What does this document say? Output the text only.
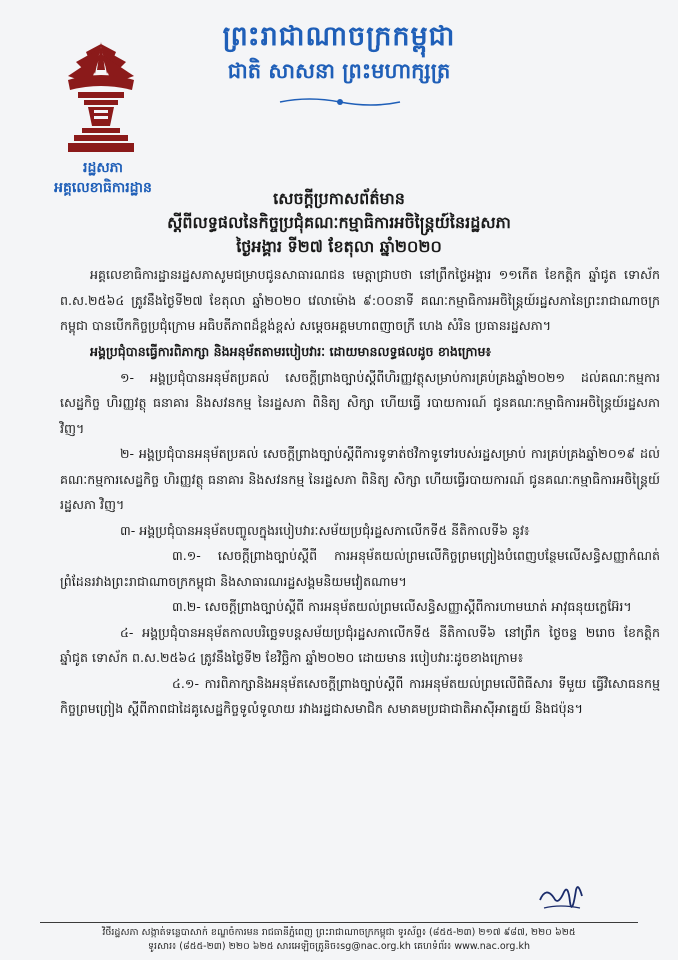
ព្រះរាជាណាចក្រកម្ពុជា
ជាតិ សាសនា ព្រះមហាក្សត្រ
រដ្ឋសភា
អគ្គលេខាធិការដ្ឋាន
សេចក្តីប្រកាសព័ត៌មាន
ស្តីពីលទ្ធផលនៃកិច្ចប្រជុំគណៈកម្មាធិការអចិន្ត្រៃយ៍នៃរដ្ឋសភា
ថ្ងៃអង្គារ ទី២៧ ខែតុលា ឆ្នាំ២០២០

អគ្គលេខាធិការដ្ឋានរដ្ឋសភាសូមជម្រាបជូនសាធារណជន មេត្តាជ្រាបថា នៅព្រឹកថ្ងៃអង្គារ ១១កើត ខែកត្តិក ឆ្នាំជូត ទោស័ក ព.ស.២៥៦៤ ត្រូវនឹងថ្ងៃទី២៧ ខែតុលា ឆ្នាំ២០២០ វេលាម៉ោង ៩:០០នាទី គណៈកម្មាធិការអចិន្ត្រៃយ៍រដ្ឋសភានៃព្រះរាជាណាចក្រកម្ពុជា បានបើកកិច្ចប្រជុំក្រោម អធិបតីភាពដ៏ខ្ពង់ខ្ពស់ សម្តេចអគ្គមហាពញាចក្រី ហេង សំរិន ប្រធានរដ្ឋសភា។

អង្គប្រជុំបានធ្វើការពិភាក្សា និងអនុម័តតាមរបៀបវារៈ ដោយមានលទ្ធផលដូច ខាងក្រោម៖

១- អង្គប្រជុំបានអនុម័តប្រគល់ សេចក្តីព្រាងច្បាប់ស្តីពីហិរញ្ញវត្ថុសម្រាប់ការគ្រប់គ្រងឆ្នាំ២០២១ ដល់គណៈកម្មការសេដ្ឋកិច្ច ហិរញ្ញវត្ថុ ធនាគារ និងសវនកម្ម នៃរដ្ឋសភា ពិនិត្យ សិក្សា ហើយធ្វើ របាយការណ៍ ជូនគណៈកម្មាធិការអចិន្ត្រៃយ៍រដ្ឋសភា វិញ។

២- អង្គប្រជុំបានអនុម័តប្រគល់ សេចក្តីព្រាងច្បាប់ស្តីពីការទូទាត់ថវិកាទូទៅរបស់រដ្ឋសម្រាប់ ការគ្រប់គ្រងឆ្នាំ២០១៩ ដល់គណៈកម្មការសេដ្ឋកិច្ច ហិរញ្ញវត្ថុ ធនាគារ និងសវនកម្ម នៃរដ្ឋសភា ពិនិត្យ សិក្សា ហើយធ្វើរបាយការណ៍ ជូនគណៈកម្មាធិការអចិន្ត្រៃយ៍រដ្ឋសភា វិញ។

៣- អង្គប្រជុំបានអនុម័តបញ្ចូលក្នុងរបៀបវារៈសម័យប្រជុំរដ្ឋសភាលើកទី៥ នីតិកាលទី៦ នូវ៖

៣.១- សេចក្តីព្រាងច្បាប់ស្តីពី ការអនុម័តយល់ព្រមលើកិច្ចព្រមព្រៀងបំពេញបន្ថែមលើសន្ធិសញ្ញាកំណត់ព្រំដែនរវាងព្រះរាជាណាចក្រកម្ពុជា និងសាធារណរដ្ឋសង្គមនិយមវៀតណាម។

៣.២- សេចក្តីព្រាងច្បាប់ស្តីពី ការអនុម័តយល់ព្រមលើសន្ធិសញ្ញាស្តីពីការហាមឃាត់ អាវុធនុយក្លេអ៊ែរ។

៤- អង្គប្រជុំបានអនុម័តកាលបរិច្ឆេទបន្តសម័យប្រជុំរដ្ឋសភាលើកទី៥ នីតិកាលទី៦ នៅព្រឹក ថ្ងៃចន្ទ ២រោច ខែកត្តិក ឆ្នាំជូត ទោស័ក ព.ស.២៥៦៤ ត្រូវនឹងថ្ងៃទី២ ខែវិច្ឆិកា ឆ្នាំ២០២០ ដោយមាន របៀបវារៈដូចខាងក្រោម៖

៤.១- ការពិភាក្សានិងអនុម័តសេចក្តីព្រាងច្បាប់ស្តីពី ការអនុម័តយល់ព្រមលើពិធីសារ ទីមួយ ធ្វើវិសោធនកម្មកិច្ចព្រមព្រៀង ស្តីពីភាពជាដៃគូសេដ្ឋកិច្ចទូលំទូលាយ រវាងរដ្ឋជាសមាជិក សមាគមប្រជាជាតិអាស៊ីអាគ្នេយ៍ និងជប៉ុន។

វិថីរដ្ឋសភា សង្កាត់ទន្លេបាសាក់ ខណ្ឌចំការមន រាជធានីភ្នំពេញ ព្រះរាជាណាចក្រកម្ពុជា ទូរស័ព្ទ៖ (៨៥៥-២៣) ២១៧ ៩៨៧, ២២០ ៦២៥
ទូរសារ៖ (៨៥៥-២៣) ២២០ ៦២៥ សារអេឡិចត្រូនិច៖sg@nac.org.kh គេហទំព័រ៖ www.nac.org.kh
